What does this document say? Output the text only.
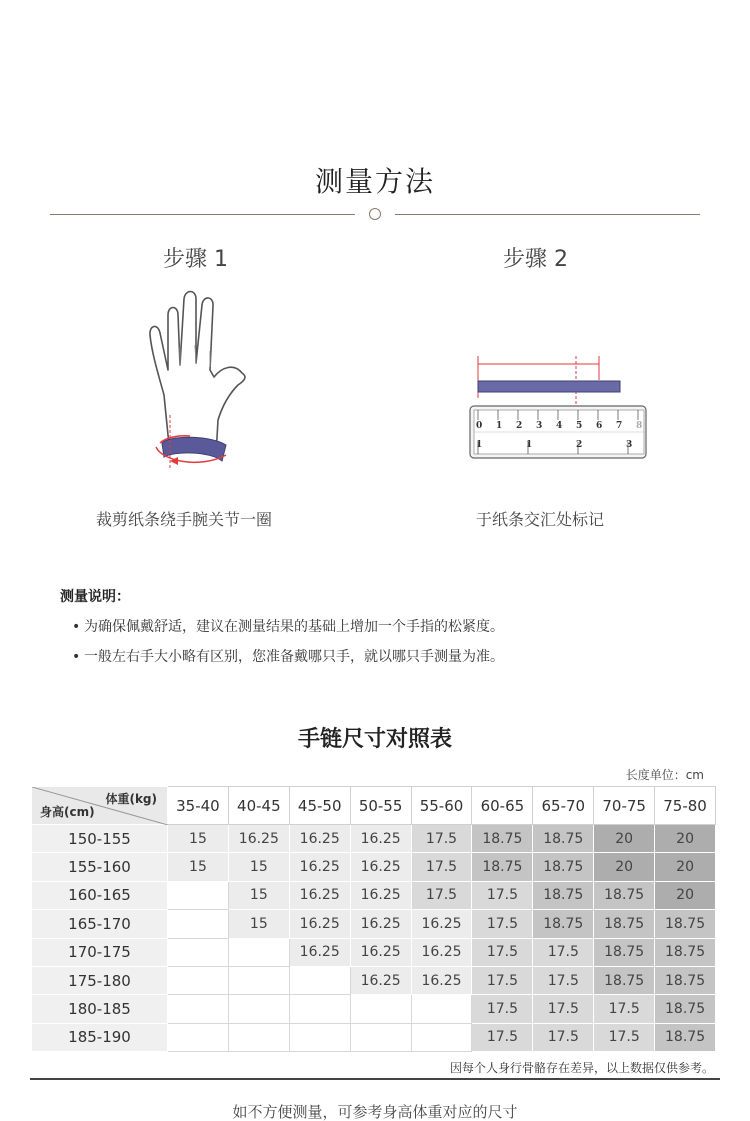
测量方法
步骤 1	步骤 2
0 1 2 3 4 5 6 7 8
1	1	2	3
裁剪纸条绕手腕关节一圈	于纸条交汇处标记
测量说明：
• 为确保佩戴舒适，建议在测量结果的基础上增加一个手指的松紧度。
• 一般左右手大小略有区别，您准备戴哪只手，就以哪只手测量为准。
手链尺寸对照表
长度单位：cm
体重(kg)
身高(cm)	35-40	40-45	45-50	50-55	55-60	60-65	65-70	70-75	75-80
150-155	15	16.25	16.25	16.25	17.5	18.75	18.75	20	20
155-160	15	15	16.25	16.25	17.5	18.75	18.75	20	20
160-165		15	16.25	16.25	17.5	17.5	18.75	18.75	20
165-170		15	16.25	16.25	16.25	17.5	18.75	18.75	18.75
170-175			16.25	16.25	16.25	17.5	17.5	18.75	18.75
175-180				16.25	16.25	17.5	17.5	18.75	18.75
180-185						17.5	17.5	17.5	18.75
185-190						17.5	17.5	17.5	18.75
因每个人身行骨骼存在差异，以上数据仅供参考。
如不方便测量，可参考身高体重对应的尺寸
